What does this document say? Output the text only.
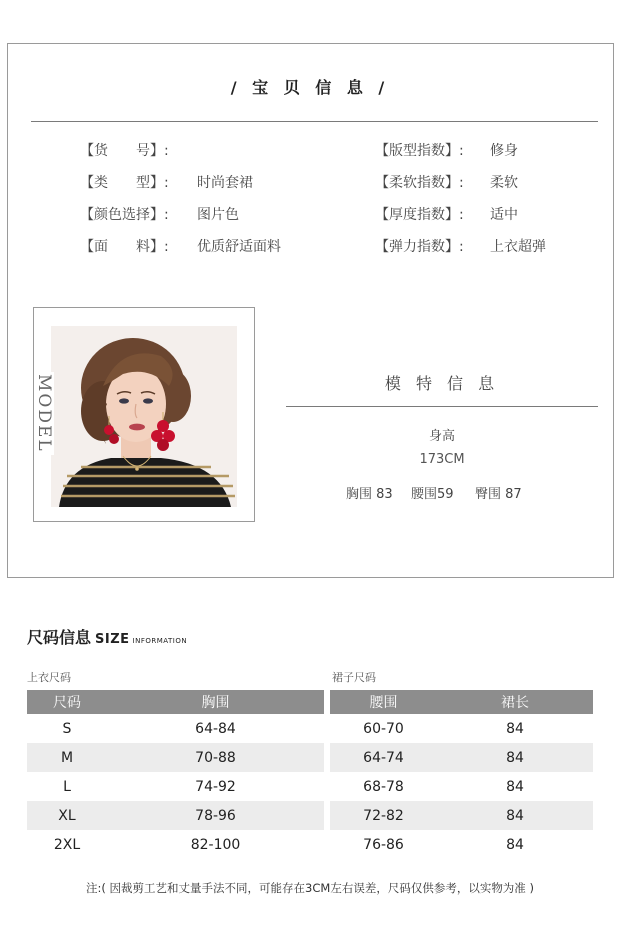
/ 宝 贝 信 息 /
【货　　号】:
【类　　型】: 时尚套裙
【颜色选择】: 图片色
【面　　料】: 优质舒适面料
【版型指数】: 修身
【柔软指数】: 柔软
【厚度指数】: 适中
【弹力指数】: 上衣超弹
MODEL	模 特 信 息
身高
173CM
胸围 83 腰围59 臀围 87
尺码信息 SIZE INFORMATION
上衣尺码	裙子尺码
尺码	胸围
S	64-84
M	70-88
L	74-92
XL	78-96
2XL	82-100
腰围	裙长
60-70	84
64-74	84
68-78	84
72-82	84
76-86	84
注:( 因裁剪工艺和丈量手法不同，可能存在3CM左右误差，尺码仅供参考，以实物为准 )
